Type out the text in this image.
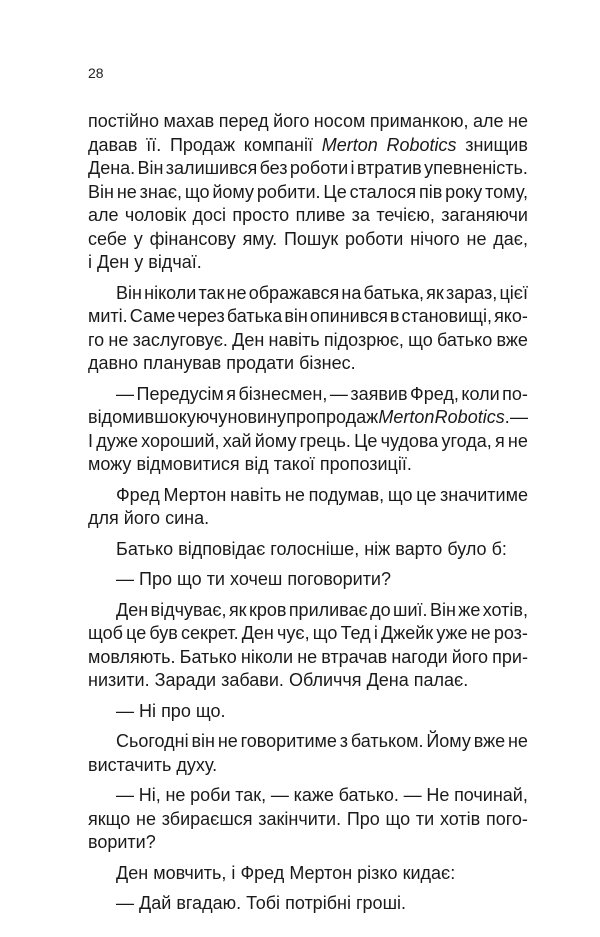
28
постійно махав перед його носом приманкою, але не
давав її. Продаж компанії Merton Robotics знищив
Дена. Він залишився без роботи і втратив упевненість.
Він не знає, що йому робити. Це сталося пів року тому,
але чоловік досі просто пливе за течією, заганяючи
себе у фінансову яму. Пошук роботи нічого не дає,
і Ден у відчаї.
Він ніколи так не ображався на батька, як зараз, цієї
миті. Саме через батька він опинився в становищі, яко-
го не заслуговує. Ден навіть підозрює, що батько вже
давно планував продати бізнес.
— Передусім я бізнесмен, — заявив Фред, коли по-
відомив шокуючу новину про продаж Merton Robotics. —
І дуже хороший, хай йому грець. Це чудова угода, я не
можу відмовитися від такої пропозиції.
Фред Мертон навіть не подумав, що це значитиме
для його сина.
Батько відповідає голосніше, ніж варто було б:
— Про що ти хочеш поговорити?
Ден відчуває, як кров приливає до шиї. Він же хотів,
щоб це був секрет. Ден чує, що Тед і Джейк уже не роз-
мовляють. Батько ніколи не втрачав нагоди його при-
низити. Заради забави. Обличчя Дена палає.
— Ні про що.
Сьогодні він не говоритиме з батьком. Йому вже не
вистачить духу.
— Ні, не роби так, — каже батько. — Не починай,
якщо не збираєшся закінчити. Про що ти хотів пого-
ворити?
Ден мовчить, і Фред Мертон різко кидає:
— Дай вгадаю. Тобі потрібні гроші.
